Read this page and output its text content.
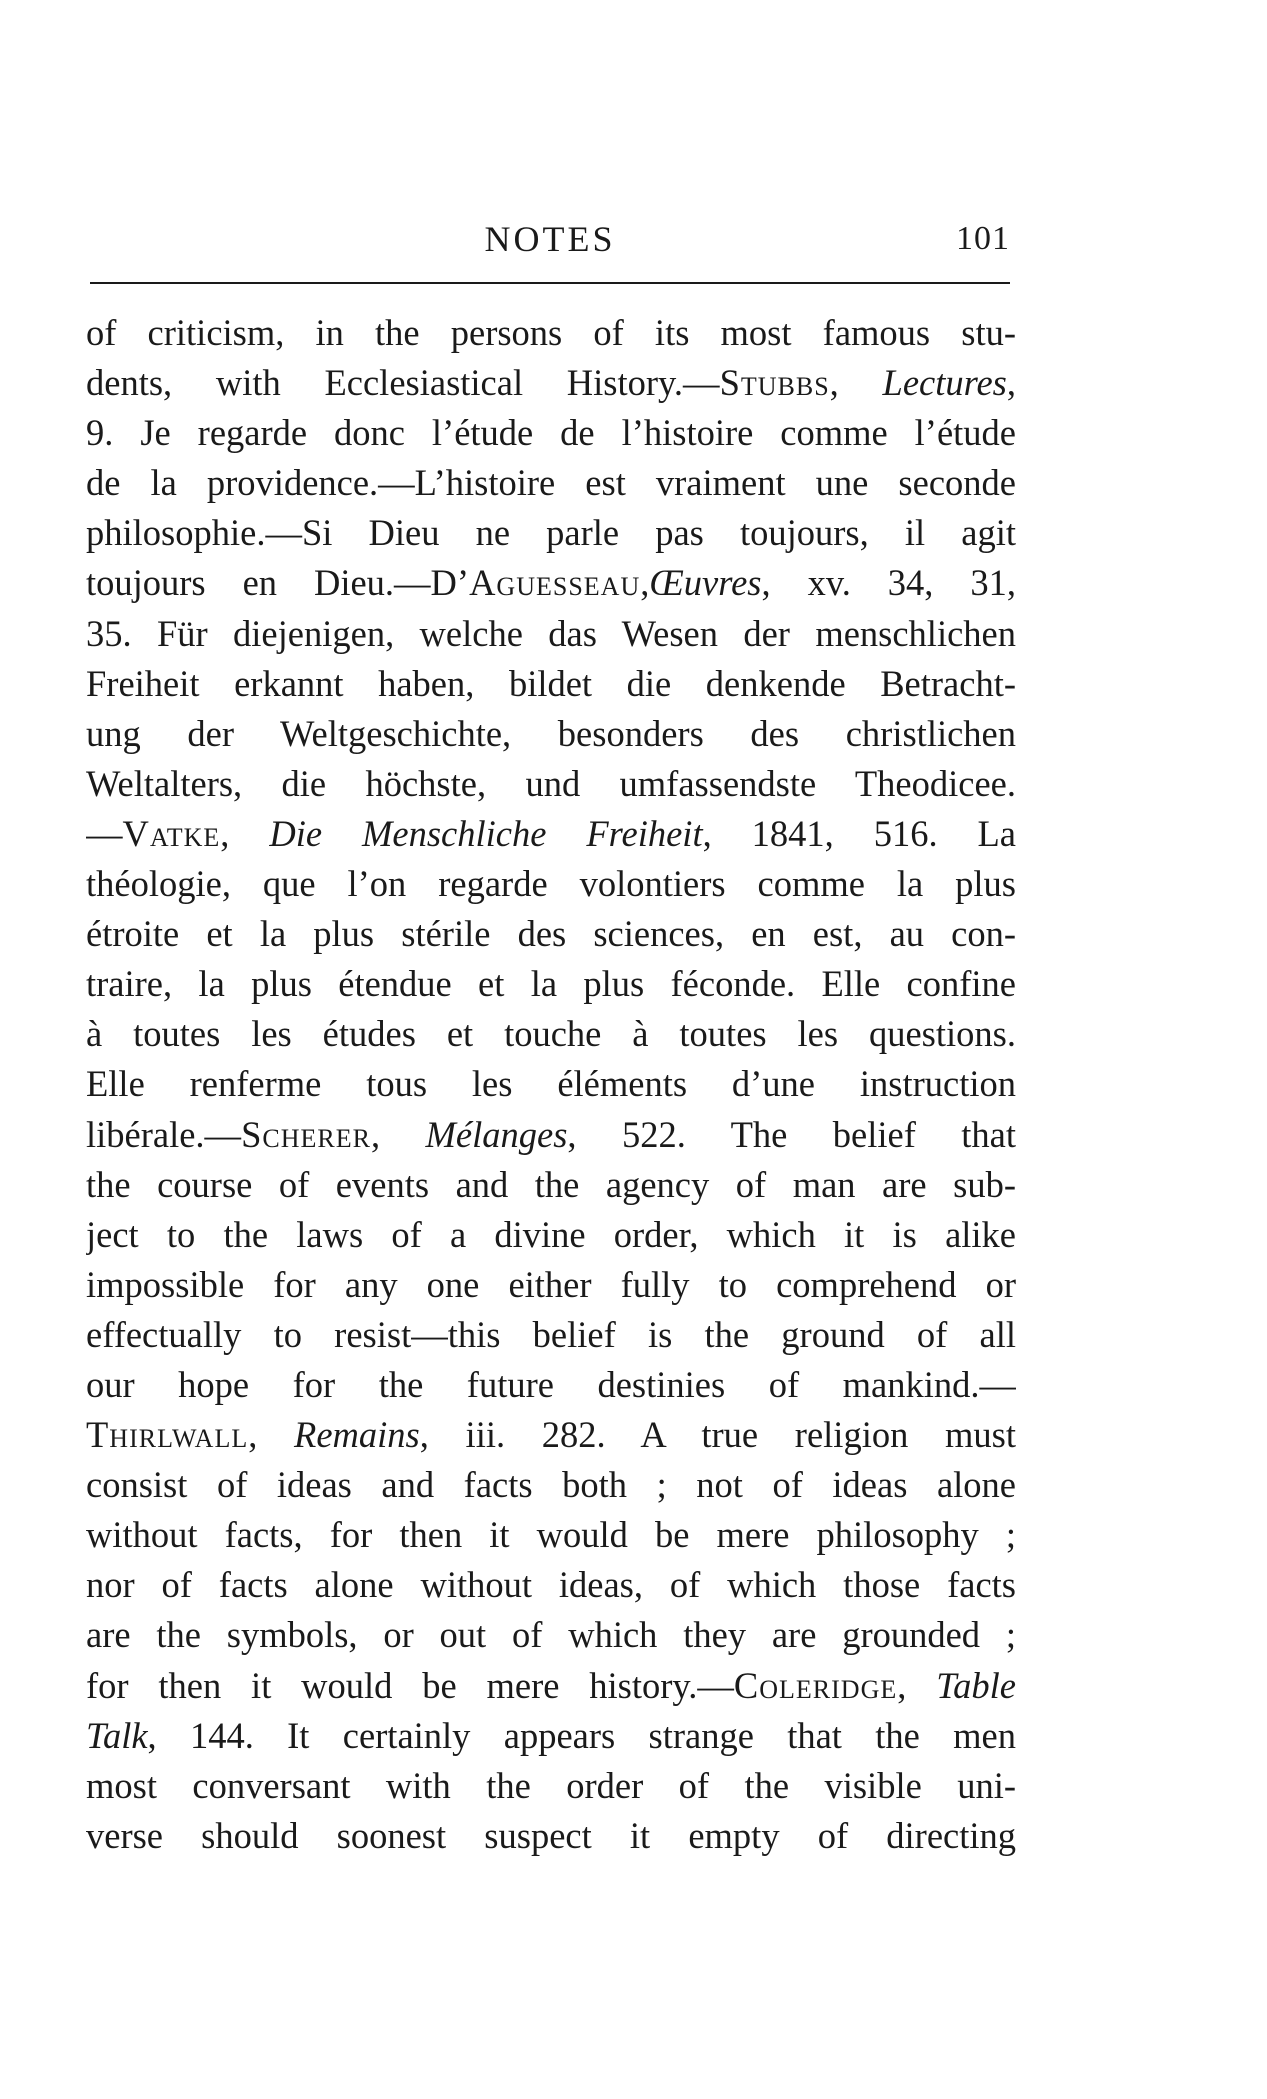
NOTES	101
of criticism, in the persons of its most famous stu-
dents, with Ecclesiastical History.—Stubbs, Lectures,
9. Je regarde donc l’étude de l’histoire comme l’étude
de la providence.—L’histoire est vraiment une seconde
philosophie.—Si Dieu ne parle pas toujours, il agit
toujours en Dieu.—D’Aguesseau,Œuvres, xv. 34, 31,
35. Für diejenigen, welche das Wesen der menschlichen
Freiheit erkannt haben, bildet die denkende Betracht-
ung der Weltgeschichte, besonders des christlichen
Weltalters, die höchste, und umfassendste Theodicee.
—Vatke, Die Menschliche Freiheit, 1841, 516. La
théologie, que l’on regarde volontiers comme la plus
étroite et la plus stérile des sciences, en est, au con-
traire, la plus étendue et la plus féconde. Elle confine
à toutes les études et touche à toutes les questions.
Elle renferme tous les éléments d’une instruction
libérale.—Scherer, Mélanges, 522. The belief that
the course of events and the agency of man are sub-
ject to the laws of a divine order, which it is alike
impossible for any one either fully to comprehend or
effectually to resist—this belief is the ground of all
our hope for the future destinies of mankind.—
Thirlwall, Remains, iii. 282. A true religion must
consist of ideas and facts both ; not of ideas alone
without facts, for then it would be mere philosophy ;
nor of facts alone without ideas, of which those facts
are the symbols, or out of which they are grounded ;
for then it would be mere history.—Coleridge, Table
Talk, 144. It certainly appears strange that the men
most conversant with the order of the visible uni-
verse should soonest suspect it empty of directing
